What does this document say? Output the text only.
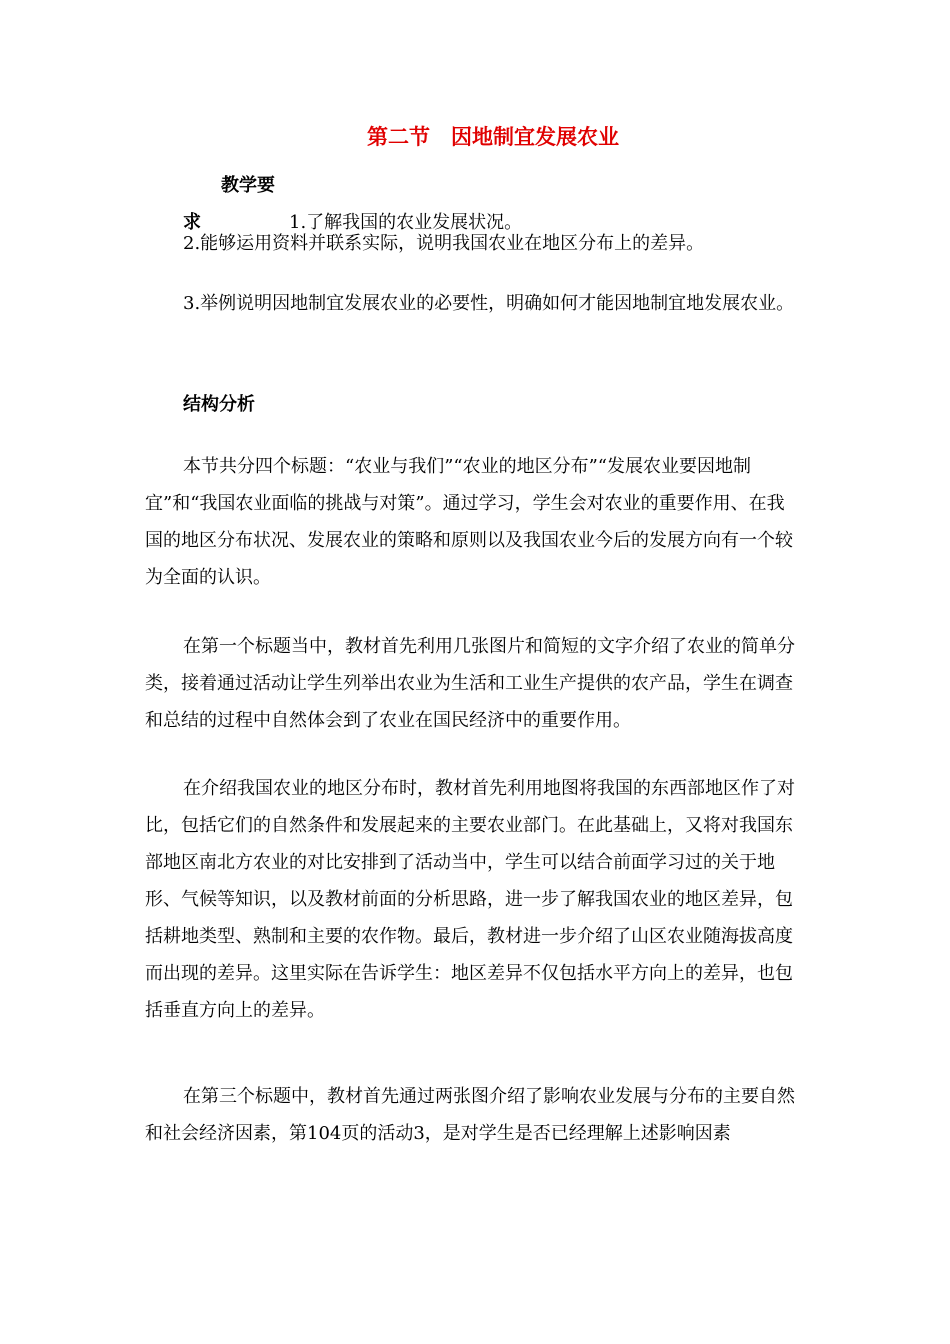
第二节　因地制宜发展农业

教学要求	1.了解我国的农业发展状况。

2.能够运用资料并联系实际，说明我国农业在地区分布上的差异。

3.举例说明因地制宜发展农业的必要性，明确如何才能因地制宜地发展农业。

结构分析

本节共分四个标题：“农业与我们”“农业的地区分布”“发展农业要因地制宜”和“我国农业面临的挑战与对策”。通过学习，学生会对农业的重要作用、在我国的地区分布状况、发展农业的策略和原则以及我国农业今后的发展方向有一个较为全面的认识。

在第一个标题当中，教材首先利用几张图片和简短的文字介绍了农业的简单分类，接着通过活动让学生列举出农业为生活和工业生产提供的农产品，学生在调查和总结的过程中自然体会到了农业在国民经济中的重要作用。

在介绍我国农业的地区分布时，教材首先利用地图将我国的东西部地区作了对比，包括它们的自然条件和发展起来的主要农业部门。在此基础上，又将对我国东部地区南北方农业的对比安排到了活动当中，学生可以结合前面学习过的关于地形、气候等知识，以及教材前面的分析思路，进一步了解我国农业的地区差异，包括耕地类型、熟制和主要的农作物。最后，教材进一步介绍了山区农业随海拔高度而出现的差异。这里实际在告诉学生：地区差异不仅包括水平方向上的差异，也包括垂直方向上的差异。

在第三个标题中，教材首先通过两张图介绍了影响农业发展与分布的主要自然和社会经济因素，第104页的活动3，是对学生是否已经理解上述影响因素
